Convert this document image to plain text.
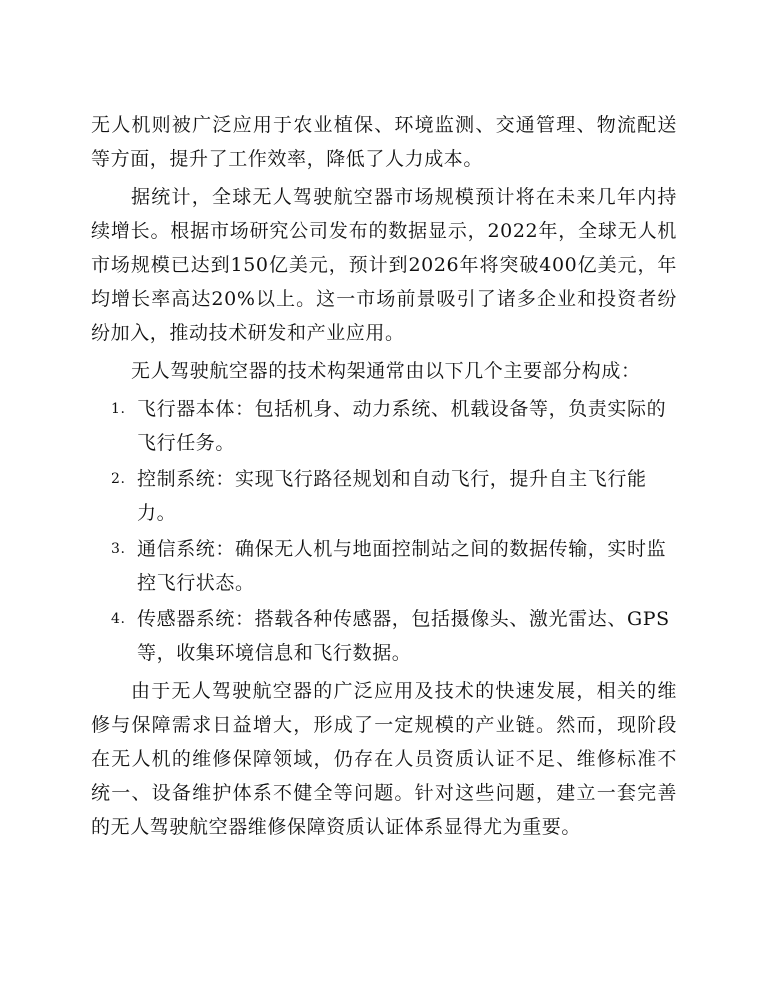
无人机则被广泛应用于农业植保、环境监测、交通管理、物流配送等方面，提升了工作效率，降低了人力成本。

据统计，全球无人驾驶航空器市场规模预计将在未来几年内持续增长。根据市场研究公司发布的数据显示，2022年，全球无人机市场规模已达到150亿美元，预计到2026年将突破400亿美元，年均增长率高达20%以上。这一市场前景吸引了诸多企业和投资者纷纷加入，推动技术研发和产业应用。

无人驾驶航空器的技术构架通常由以下几个主要部分构成：

1. 飞行器本体：包括机身、动力系统、机载设备等，负责实际的飞行任务。
2. 控制系统：实现飞行路径规划和自动飞行，提升自主飞行能力。
3. 通信系统：确保无人机与地面控制站之间的数据传输，实时监控飞行状态。
4. 传感器系统：搭载各种传感器，包括摄像头、激光雷达、GPS等，收集环境信息和飞行数据。

由于无人驾驶航空器的广泛应用及技术的快速发展，相关的维修与保障需求日益增大，形成了一定规模的产业链。然而，现阶段在无人机的维修保障领域，仍存在人员资质认证不足、维修标准不统一、设备维护体系不健全等问题。针对这些问题，建立一套完善的无人驾驶航空器维修保障资质认证体系显得尤为重要。
